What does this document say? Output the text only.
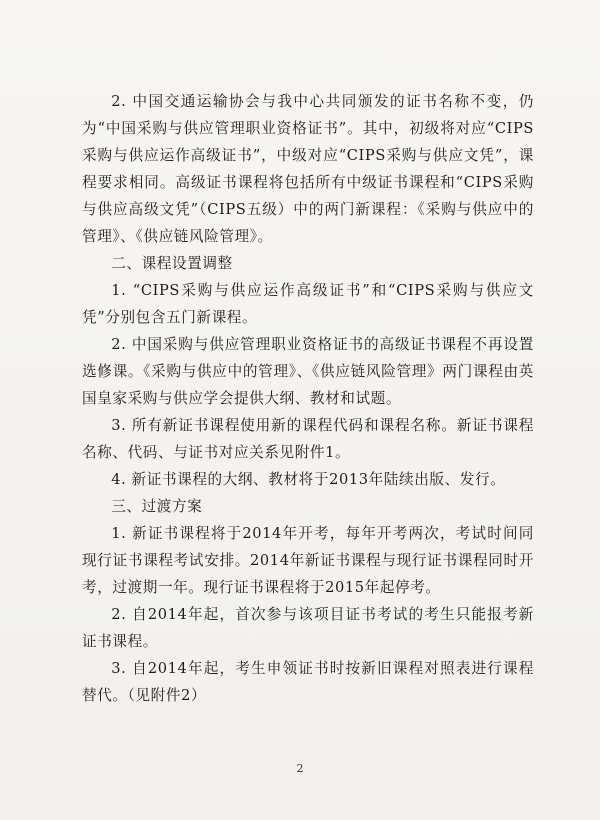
2. 中国交通运输协会与我中心共同颁发的证书名称不变，仍为“中国采购与供应管理职业资格证书”。其中，初级将对应“CIPS采购与供应运作高级证书”，中级对应“CIPS采购与供应文凭”，课程要求相同。高级证书课程将包括所有中级证书课程和“CIPS采购与供应高级文凭”（CIPS五级）中的两门新课程：《采购与供应中的管理》、《供应链风险管理》。

二、课程设置调整

1. “CIPS采购与供应运作高级证书”和“CIPS采购与供应文凭”分别包含五门新课程。

2. 中国采购与供应管理职业资格证书的高级证书课程不再设置选修课。《采购与供应中的管理》、《供应链风险管理》两门课程由英国皇家采购与供应学会提供大纲、教材和试题。

3. 所有新证书课程使用新的课程代码和课程名称。新证书课程名称、代码、与证书对应关系见附件1。

4. 新证书课程的大纲、教材将于2013年陆续出版、发行。

三、过渡方案

1. 新证书课程将于2014年开考，每年开考两次，考试时间同现行证书课程考试安排。2014年新证书课程与现行证书课程同时开考，过渡期一年。现行证书课程将于2015年起停考。

2. 自2014年起，首次参与该项目证书考试的考生只能报考新证书课程。

3. 自2014年起，考生申领证书时按新旧课程对照表进行课程替代。（见附件2）

2
